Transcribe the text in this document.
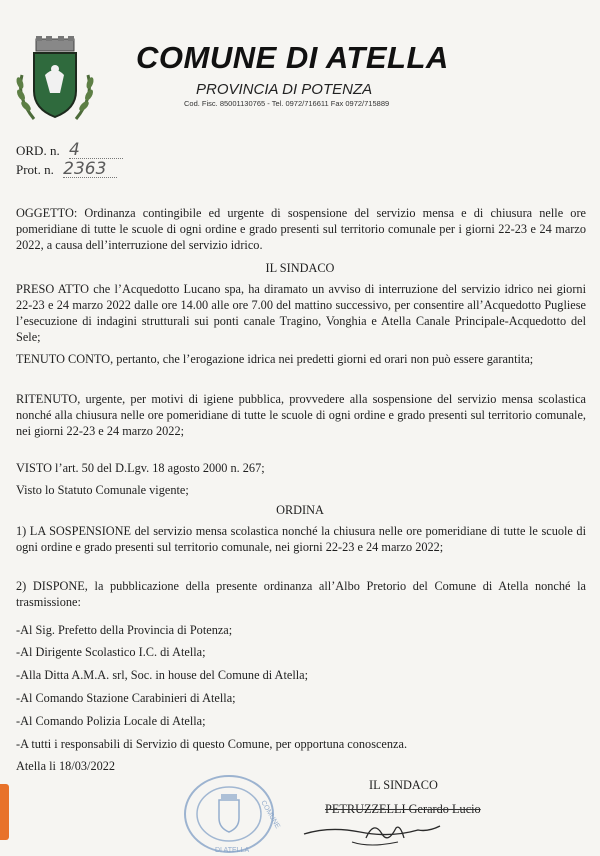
COMUNE DI ATELLA
PROVINCIA DI POTENZA
Cod. Fisc. 85001130765 - Tel. 0972/716611 Fax 0972/715889
ORD. n. 4
Prot. n. 2363

OGGETTO: Ordinanza contingibile ed urgente di sospensione del servizio mensa e di chiusura nelle ore pomeridiane di tutte le scuole di ogni ordine e grado presenti sul territorio comunale per i giorni 22-23 e 24 marzo 2022, a causa dell’interruzione del servizio idrico.

IL SINDACO

PRESO ATTO che l’Acquedotto Lucano spa, ha diramato un avviso di interruzione del servizio idrico nei giorni 22-23 e 24 marzo 2022 dalle ore 14.00 alle ore 7.00 del mattino successivo, per consentire all’Acquedotto Pugliese l’esecuzione di indagini strutturali sui ponti canale Tragino, Vonghia e Atella Canale Principale-Acquedotto del Sele;

TENUTO CONTO, pertanto, che l’erogazione idrica nei predetti giorni ed orari non può essere garantita;

RITENUTO, urgente, per motivi di igiene pubblica, provvedere alla sospensione del servizio mensa scolastica nonché alla chiusura nelle ore pomeridiane di tutte le scuole di ogni ordine e grado presenti sul territorio comunale, nei giorni 22-23 e 24 marzo 2022;

VISTO l’art. 50 del D.Lgv. 18 agosto 2000 n. 267;
Visto lo Statuto Comunale vigente;
ORDINA

1) LA SOSPENSIONE del servizio mensa scolastica nonché la chiusura nelle ore pomeridiane di tutte le scuole di ogni ordine e grado presenti sul territorio comunale, nei giorni 22-23 e 24 marzo 2022;

2) DISPONE, la pubblicazione della presente ordinanza all’Albo Pretorio del Comune di Atella nonché la trasmissione:

-Al Sig. Prefetto della Provincia di Potenza;
-Al Dirigente Scolastico I.C. di Atella;
-Alla Ditta A.M.A. srl, Soc. in house del Comune di Atella;
-Al Comando Stazione Carabinieri di Atella;
-Al Comando Polizia Locale di Atella;
-A tutti i responsabili di Servizio di questo Comune, per opportuna conoscenza.
Atella li 18/03/2022
COMUNE
DI ATELLA
IL SINDACO
PETRUZZELLI Gerardo Lucio
